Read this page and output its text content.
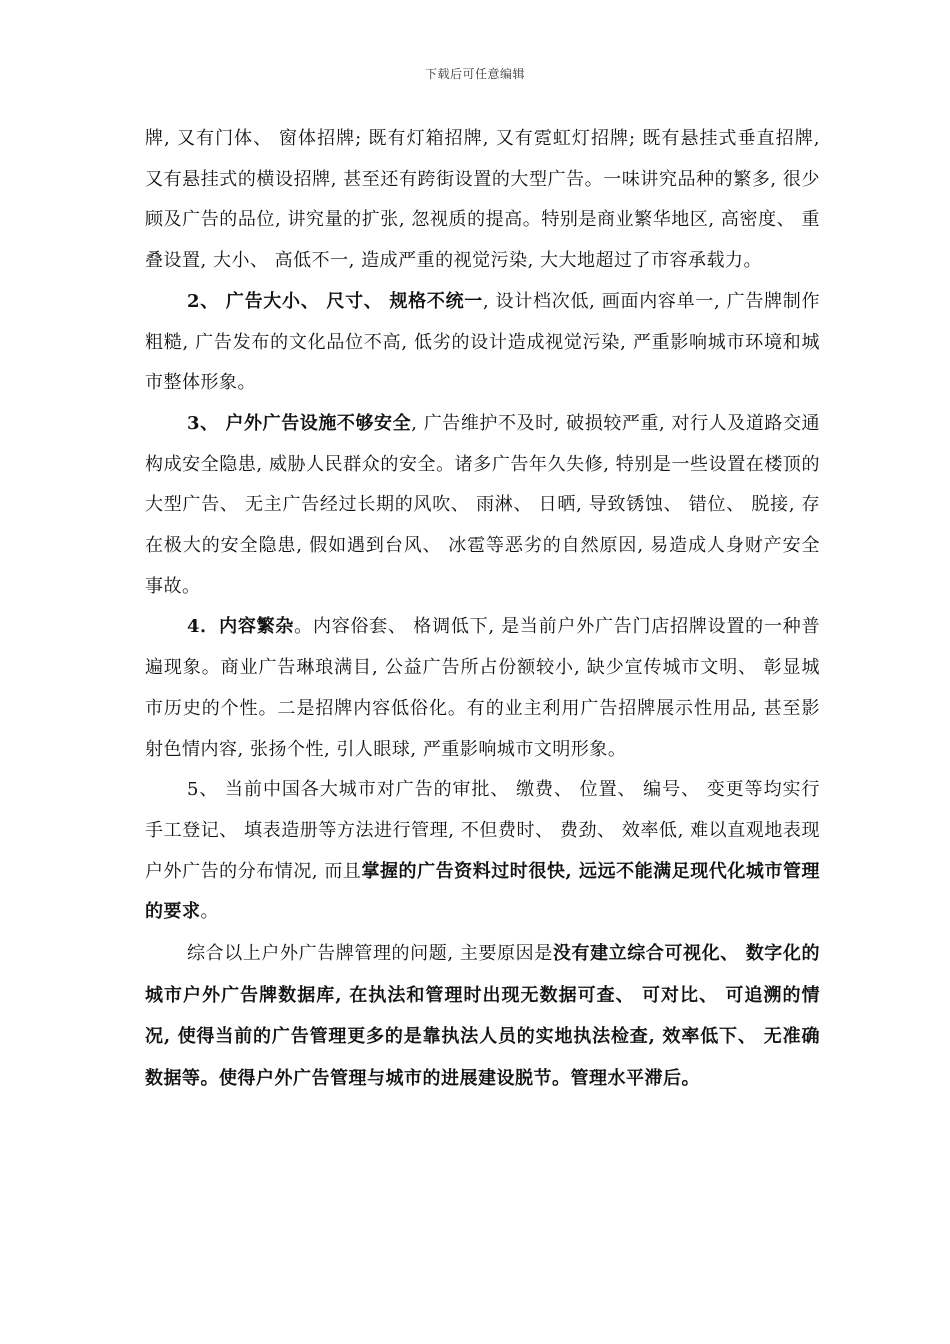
下载后可任意编辑

牌, 又有门体、 窗体招牌; 既有灯箱招牌, 又有霓虹灯招牌; 既有悬挂式垂直招牌, 又有悬挂式的横设招牌, 甚至还有跨街设置的大型广告。一味讲究品种的繁多, 很少顾及广告的品位, 讲究量的扩张, 忽视质的提高。特别是商业繁华地区, 高密度、 重叠设置, 大小、 高低不一, 造成严重的视觉污染, 大大地超过了市容承载力。

2、 广告大小、 尺寸、 规格不统一, 设计档次低, 画面内容单一, 广告牌制作粗糙, 广告发布的文化品位不高, 低劣的设计造成视觉污染, 严重影响城市环境和城市整体形象。

3、 户外广告设施不够安全, 广告维护不及时, 破损较严重, 对行人及道路交通构成安全隐患, 威胁人民群众的安全。诸多广告年久失修, 特别是一些设置在楼顶的大型广告、 无主广告经过长期的风吹、 雨淋、 日晒, 导致锈蚀、 错位、 脱接, 存在极大的安全隐患, 假如遇到台风、 冰雹等恶劣的自然原因, 易造成人身财产安全事故。

4．内容繁杂。内容俗套、 格调低下, 是当前户外广告门店招牌设置的一种普遍现象。商业广告琳琅满目, 公益广告所占份额较小, 缺少宣传城市文明、 彰显城市历史的个性。二是招牌内容低俗化。有的业主利用广告招牌展示性用品, 甚至影射色情内容, 张扬个性, 引人眼球, 严重影响城市文明形象。

5、 当前中国各大城市对广告的审批、 缴费、 位置、 编号、 变更等均实行手工登记、 填表造册等方法进行管理, 不但费时、 费劲、 效率低, 难以直观地表现户外广告的分布情况, 而且掌握的广告资料过时很快, 远远不能满足现代化城市管理的要求。

综合以上户外广告牌管理的问题, 主要原因是没有建立综合可视化、 数字化的城市户外广告牌数据库, 在执法和管理时出现无数据可查、 可对比、 可追溯的情况, 使得当前的广告管理更多的是靠执法人员的实地执法检查, 效率低下、 无准确数据等。使得户外广告管理与城市的进展建设脱节。管理水平滞后。
